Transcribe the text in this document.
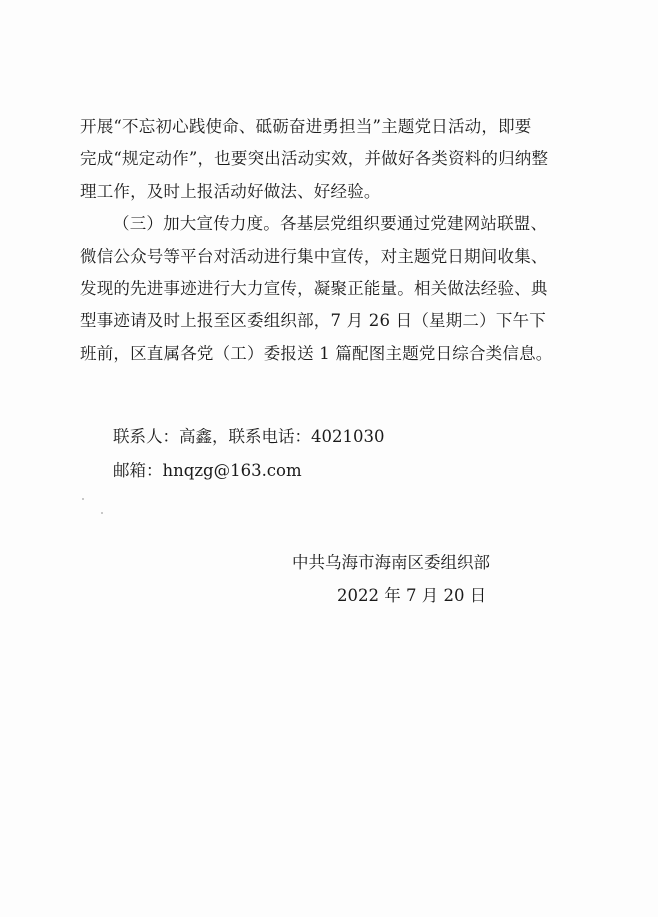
开展“不忘初心践使命、砥砺奋进勇担当”主题党日活动，即要
完成“规定动作”，也要突出活动实效，并做好各类资料的归纳整
理工作，及时上报活动好做法、好经验。

（三）加大宣传力度。各基层党组织要通过党建网站联盟、
微信公众号等平台对活动进行集中宣传，对主题党日期间收集、
发现的先进事迹进行大力宣传，凝聚正能量。相关做法经验、典
型事迹请及时上报至区委组织部，7 月 26 日（星期二）下午下
班前，区直属各党（工）委报送 1 篇配图主题党日综合类信息。

联系人：高鑫，联系电话：4021030
邮箱：hnqzg@163.com
中共乌海市海南区委组织部
2022 年 7 月 20 日
